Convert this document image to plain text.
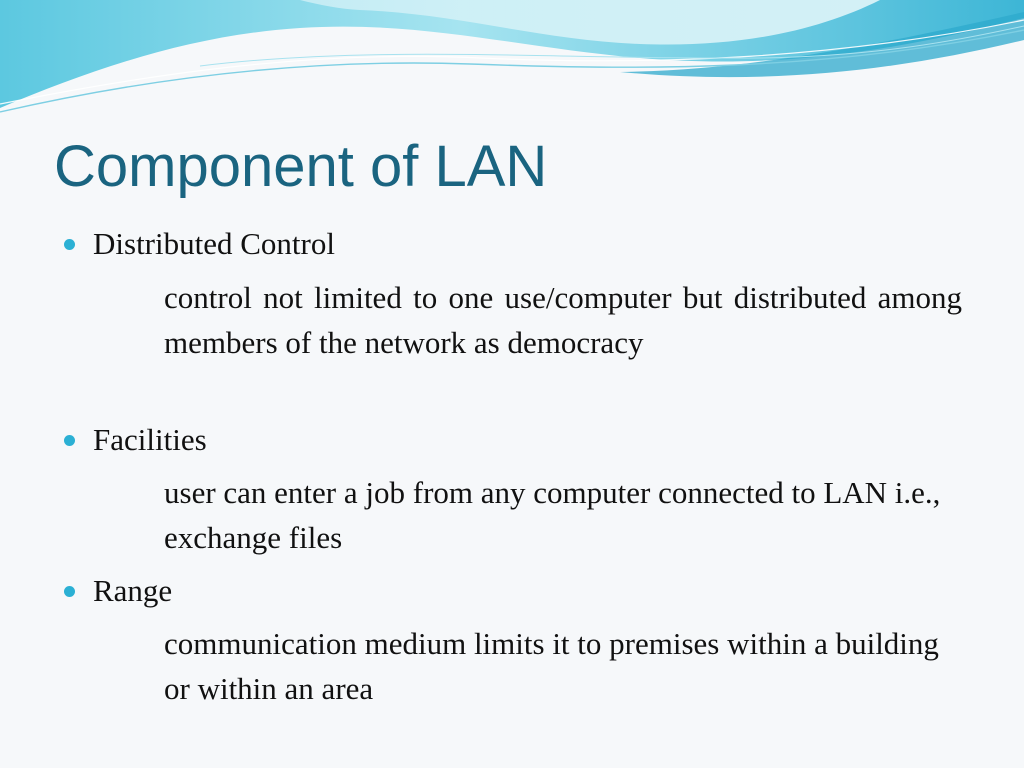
Component of LAN
Distributed Control
control not limited to one use/computer but distributed among members of the network as democracy
Facilities
user can enter a job from any computer connected to LAN i.e., exchange files
Range
communication medium limits it to premises within a building or within an area
